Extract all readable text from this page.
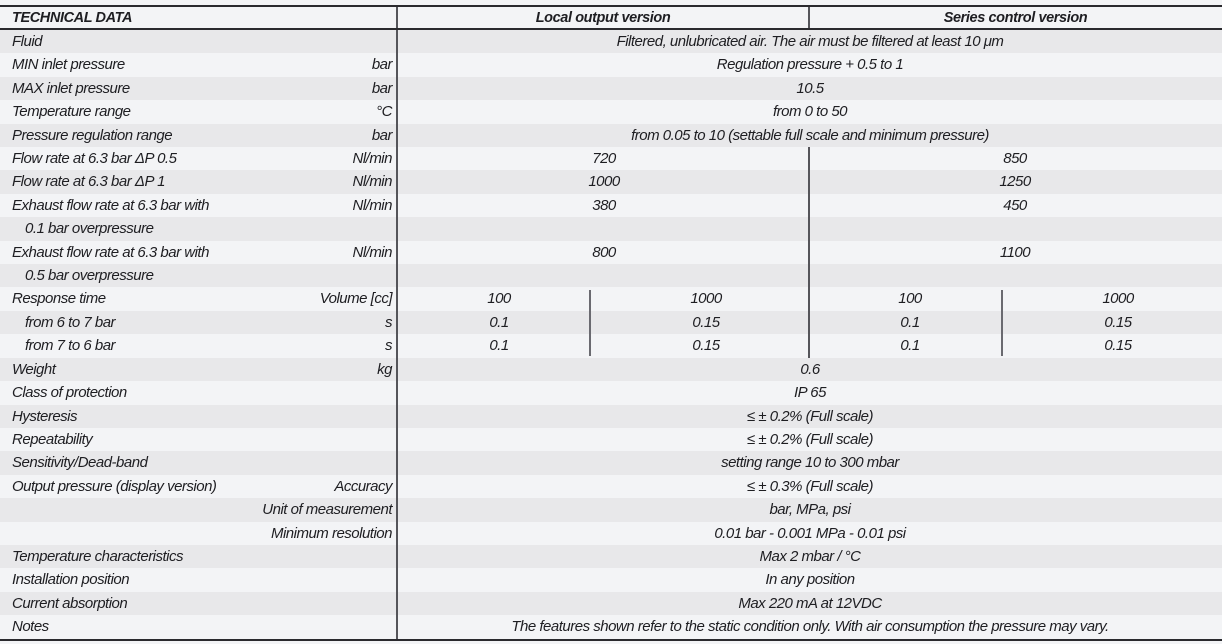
TECHNICAL DATA	Local output version	Series control version
Fluid	Filtered, unlubricated air. The air must be filtered at least 10 μm
MIN inlet pressure	bar	Regulation pressure + 0.5 to 1
MAX inlet pressure	bar	10.5
Temperature range	°C	from 0 to 50
Pressure regulation range	bar	from 0.05 to 10 (settable full scale and minimum pressure)
Flow rate at 6.3 bar ΔP 0.5	Nl/min	720	850
Flow rate at 6.3 bar ΔP 1	Nl/min	1000	1250
Exhaust flow rate at 6.3 bar with	Nl/min	380	450
0.1 bar overpressure
Exhaust flow rate at 6.3 bar with	Nl/min	800	1100
0.5 bar overpressure
Response time	Volume [cc]	100	1000	100	1000
from 6 to 7 bar	s	0.1	0.15	0.1	0.15
from 7 to 6 bar	s	0.1	0.15	0.1	0.15
Weight	kg	0.6
Class of protection	IP 65
Hysteresis	≤ ± 0.2% (Full scale)
Repeatability	≤ ± 0.2% (Full scale)
Sensitivity/Dead-band	setting range 10 to 300 mbar
Output pressure (display version)	Accuracy	≤ ± 0.3% (Full scale)
Unit of measurement	bar, MPa, psi
Minimum resolution	0.01 bar - 0.001 MPa - 0.01 psi
Temperature characteristics	Max 2 mbar / °C
Installation position	In any position
Current absorption	Max 220 mA at 12VDC
Notes	The features shown refer to the static condition only. With air consumption the pressure may vary.
